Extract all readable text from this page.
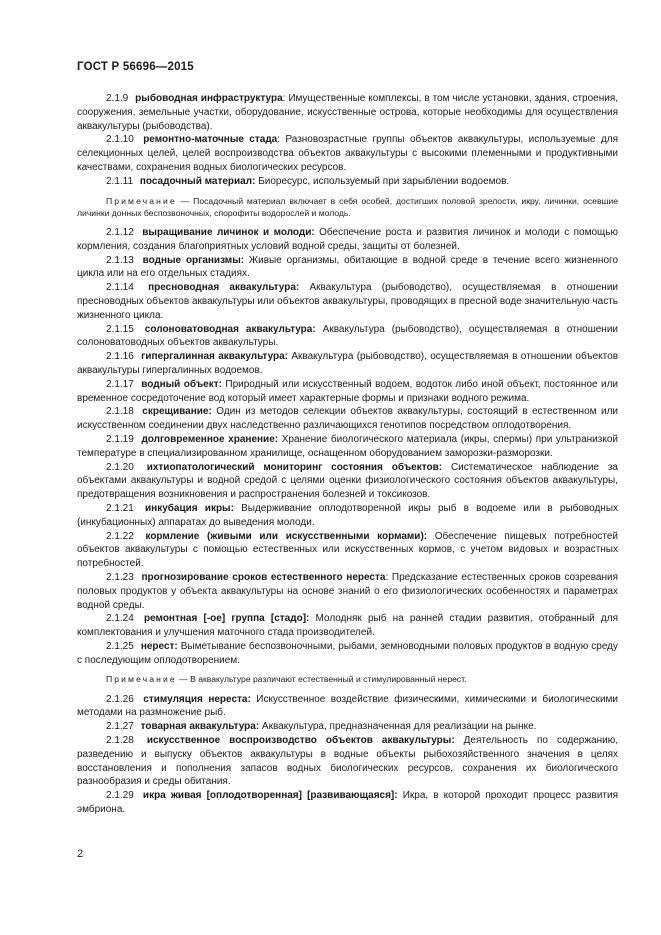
ГОСТ Р 56696—2015

2.1.9 рыбоводная инфраструктура: Имущественные комплексы, в том числе установки, здания, строения, сооружения, земельные участки, оборудование, искусственные острова, которые необходимы для осуществления аквакультуры (рыбоводства).

2.1.10 ремонтно-маточные стада: Разновозрастные группы объектов аквакультуры, используемые для селекционных целей, целей воспроизводства объектов аквакультуры с высокими племенными и продуктивными качествами, сохранения водных биологических ресурсов.

2.1.11 посадочный материал: Биоресурс, используемый при зарыблении водоемов.

Примечание — Посадочный материал включает в себя особей, достигших половой зрелости, икру, личинки, осевшие личинки донных беспозвоночных, спорофиты водорослей и молодь.

2.1.12 выращивание личинок и молоди: Обеспечение роста и развития личинок и молоди с помощью кормления, создания благоприятных условий водной среды, защиты от болезней.

2.1.13 водные организмы: Живые организмы, обитающие в водной среде в течение всего жизненного цикла или на его отдельных стадиях.

2.1.14 пресноводная аквакультура: Аквакультура (рыбоводство), осуществляемая в отношении пресноводных объектов аквакультуры или объектов аквакультуры, проводящих в пресной воде значительную часть жизненного цикла.

2.1.15 солоноватоводная аквакультура: Аквакультура (рыбоводство), осуществляемая в отношении солоноватоводных объектов аквакультуры.

2.1.16 гипергалинная аквакультура: Аквакультура (рыбоводство), осуществляемая в отношении объектов аквакультуры гипергалинных водоемов.

2.1.17 водный объект: Природный или искусственный водоем, водоток либо иной объект, постоянное или временное сосредоточение вод который имеет характерные формы и признаки водного режима.

2.1.18 скрещивание: Один из методов селекции объектов аквакультуры, состоящий в естественном или искусственном соединении двух наследственно различающихся генотипов посредством оплодотворения.

2.1.19 долговременное хранение: Хранение биологического материала (икры, спермы) при ультранизкой температуре в специализированном хранилище, оснащенном оборудованием заморозки-разморозки.

2.1.20 ихтиопатологический мониторинг состояния объектов: Систематическое наблюдение за объектами аквакультуры и водной средой с целями оценки физиологического состояния объектов аквакультуры, предотвращения возникновения и распространения болезней и токсикозов.

2.1.21 инкубация икры: Выдерживание оплодотворенной икры рыб в водоеме или в рыбоводных (инкубационных) аппаратах до выведения молоди.

2.1.22 кормление (живыми или искусственными кормами): Обеспечение пищевых потребностей объектов аквакультуры с помощью естественных или искусственных кормов, с учетом видовых и возрастных потребностей.

2.1.23 прогнозирование сроков естественного нереста: Предсказание естественных сроков созревания половых продуктов у объекта аквакультуры на основе знаний о его физиологических особенностях и параметрах водной среды.

2.1.24 ремонтная [-ое] группа [стадо]: Молодняк рыб на ранней стадии развития, отобранный для комплектования и улучшения маточного стада производителей.

2.1.25 нерест: Выметывание беспозвоночными, рыбами, земноводными половых продуктов в водную среду с последующим оплодотворением.

Примечание — В аквакультуре различают естественный и стимулированный нерест.

2.1.26 стимуляция нереста: Искусственное воздействие физическими, химическими и биологическими методами на размножение рыб.

2.1.27 товарная аквакультура: Аквакультура, предназначенная для реализации на рынке.

2.1.28 искусственное воспроизводство объектов аквакультуры: Деятельность по содержанию, разведению и выпуску объектов аквакультуры в водные объекты рыбохозяйственного значения в целях восстановления и пополнения запасов водных биологических ресурсов, сохранения их биологического разнообразия и среды обитания.

2.1.29 икра живая [оплодотворенная] [развивающаяся]: Икра, в которой проходит процесс развития эмбриона.

2
